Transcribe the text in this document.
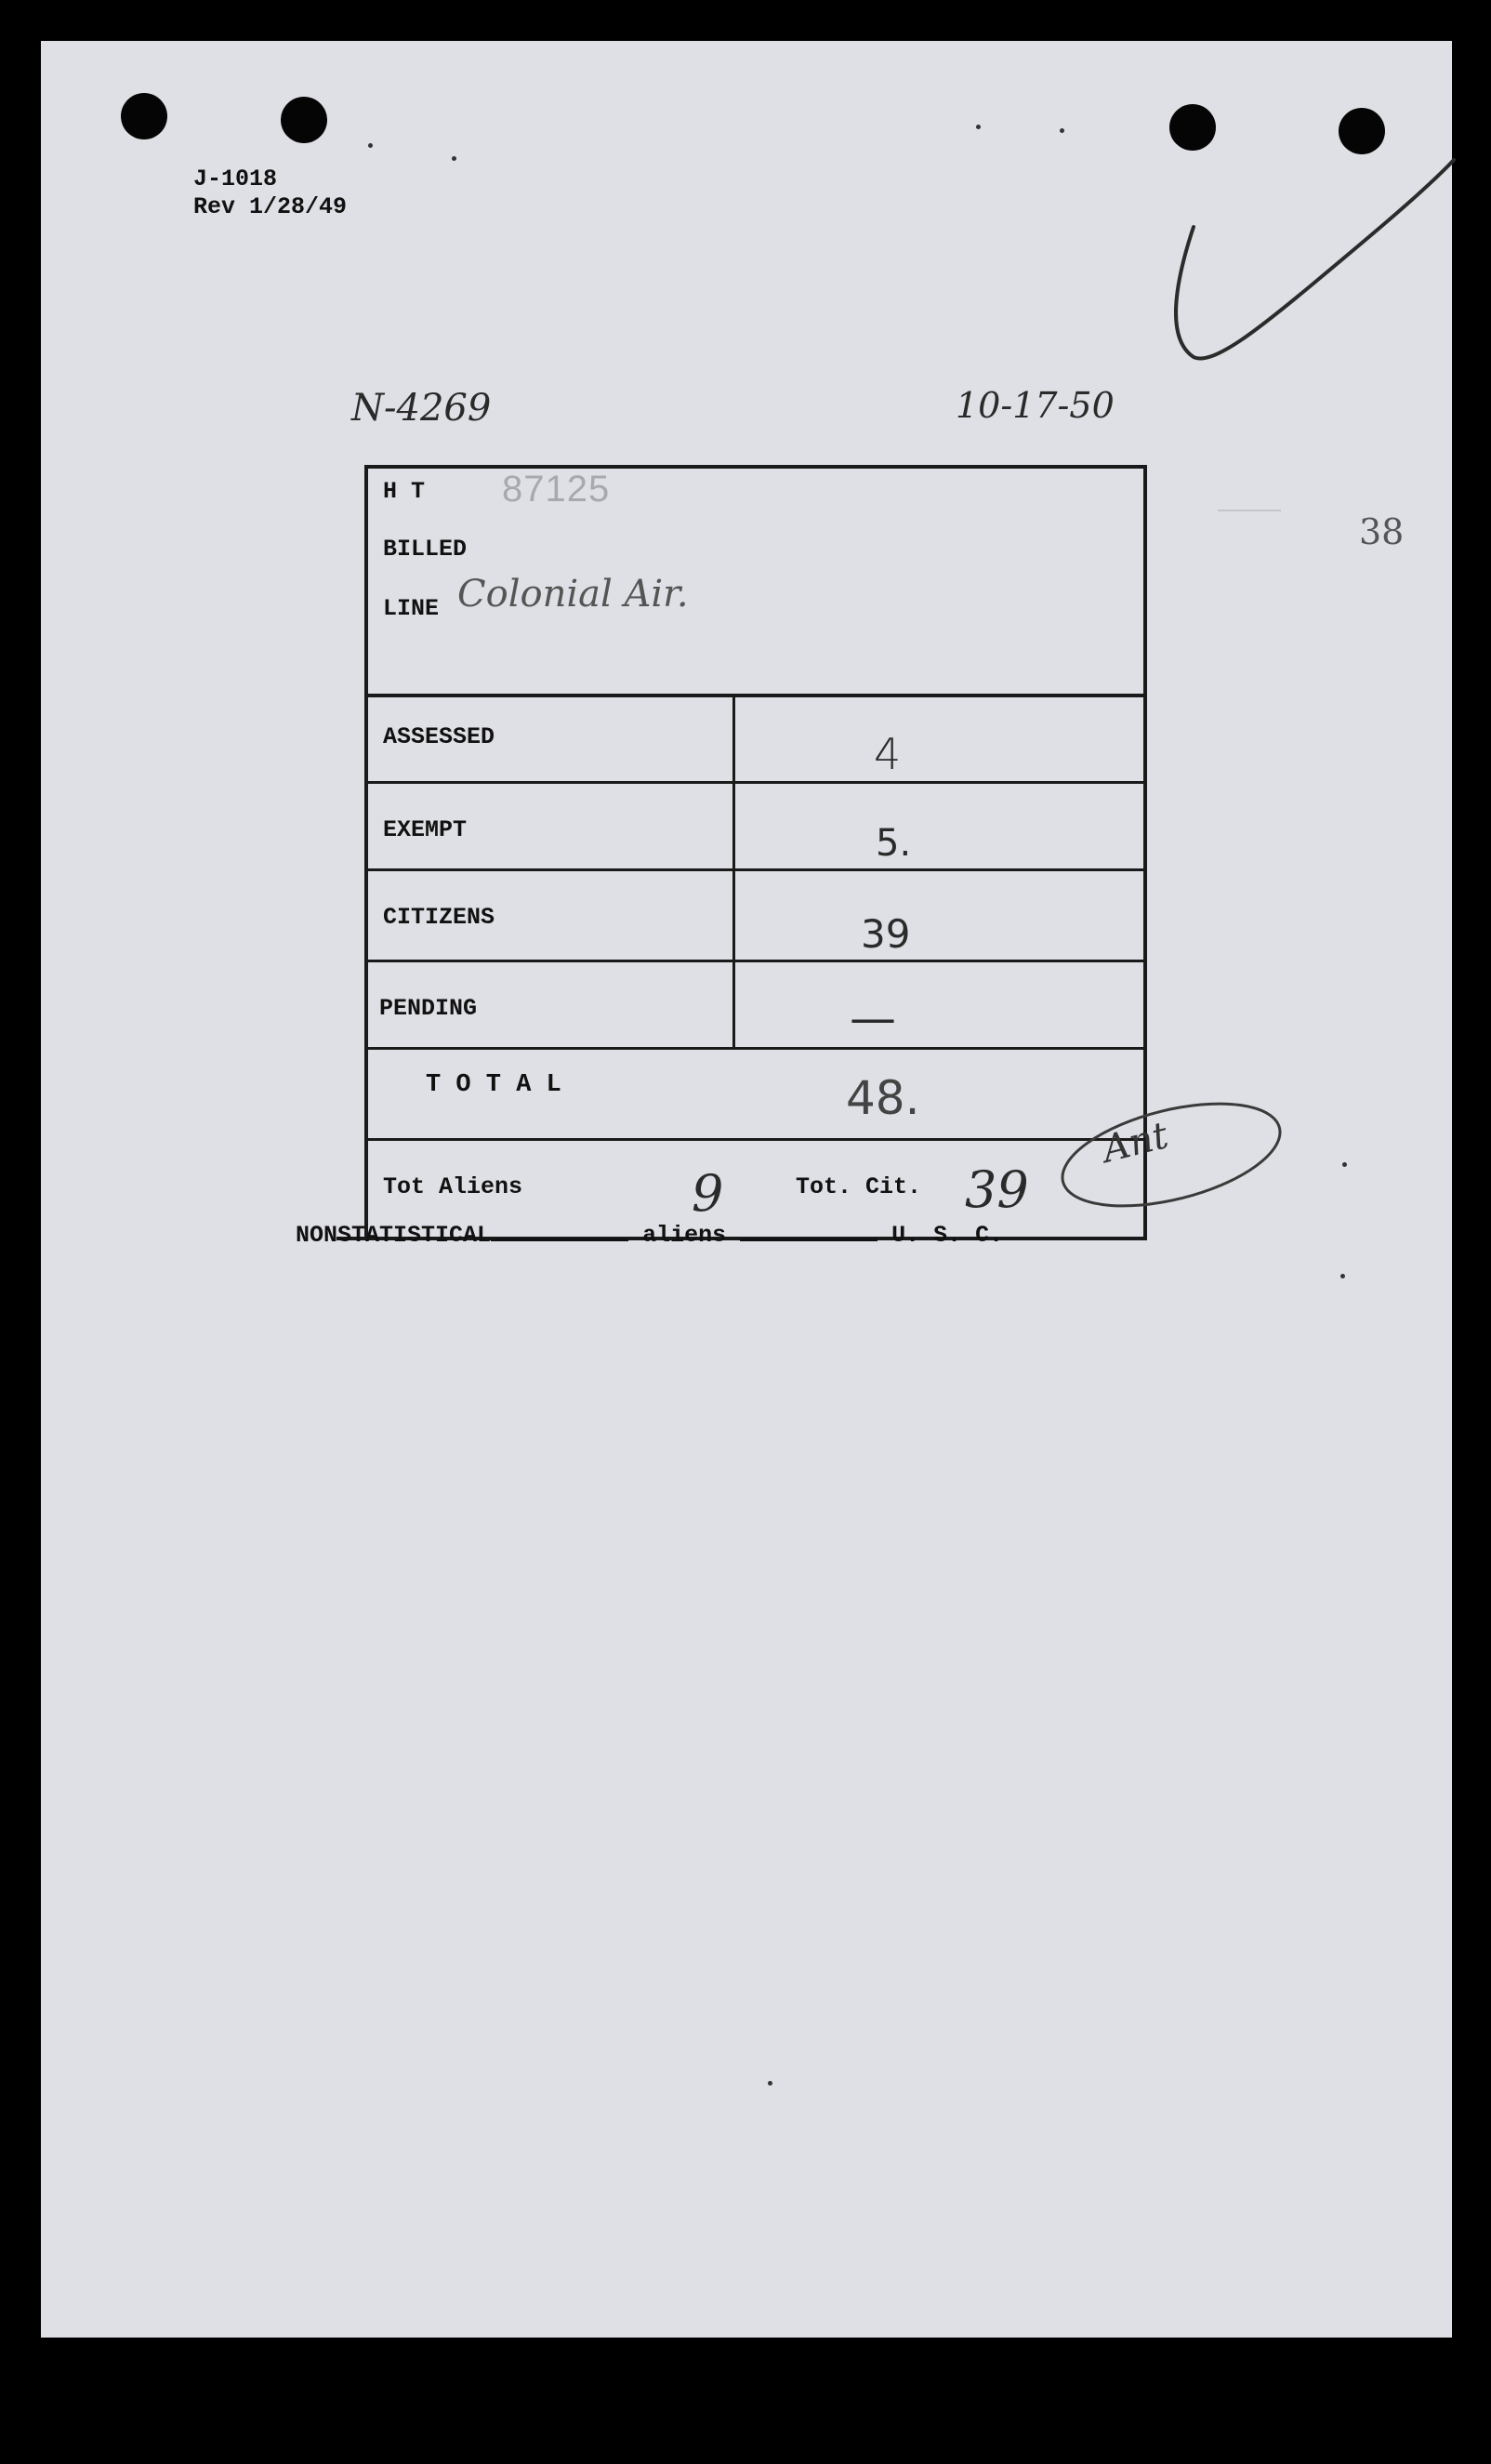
J-1018
Rev 1/28/49
N-4269	10-17-50
38
87125
H T
BILLED
LINE Colonial Air.
ASSESSED	4
EXEMPT	5.
CITIZENS	39
PENDING	—
T O T A L	48.
Tot Aliens	9	Tot. Cit. 39
Ant
NONSTATISTICAL	aliens	U. S. C.
